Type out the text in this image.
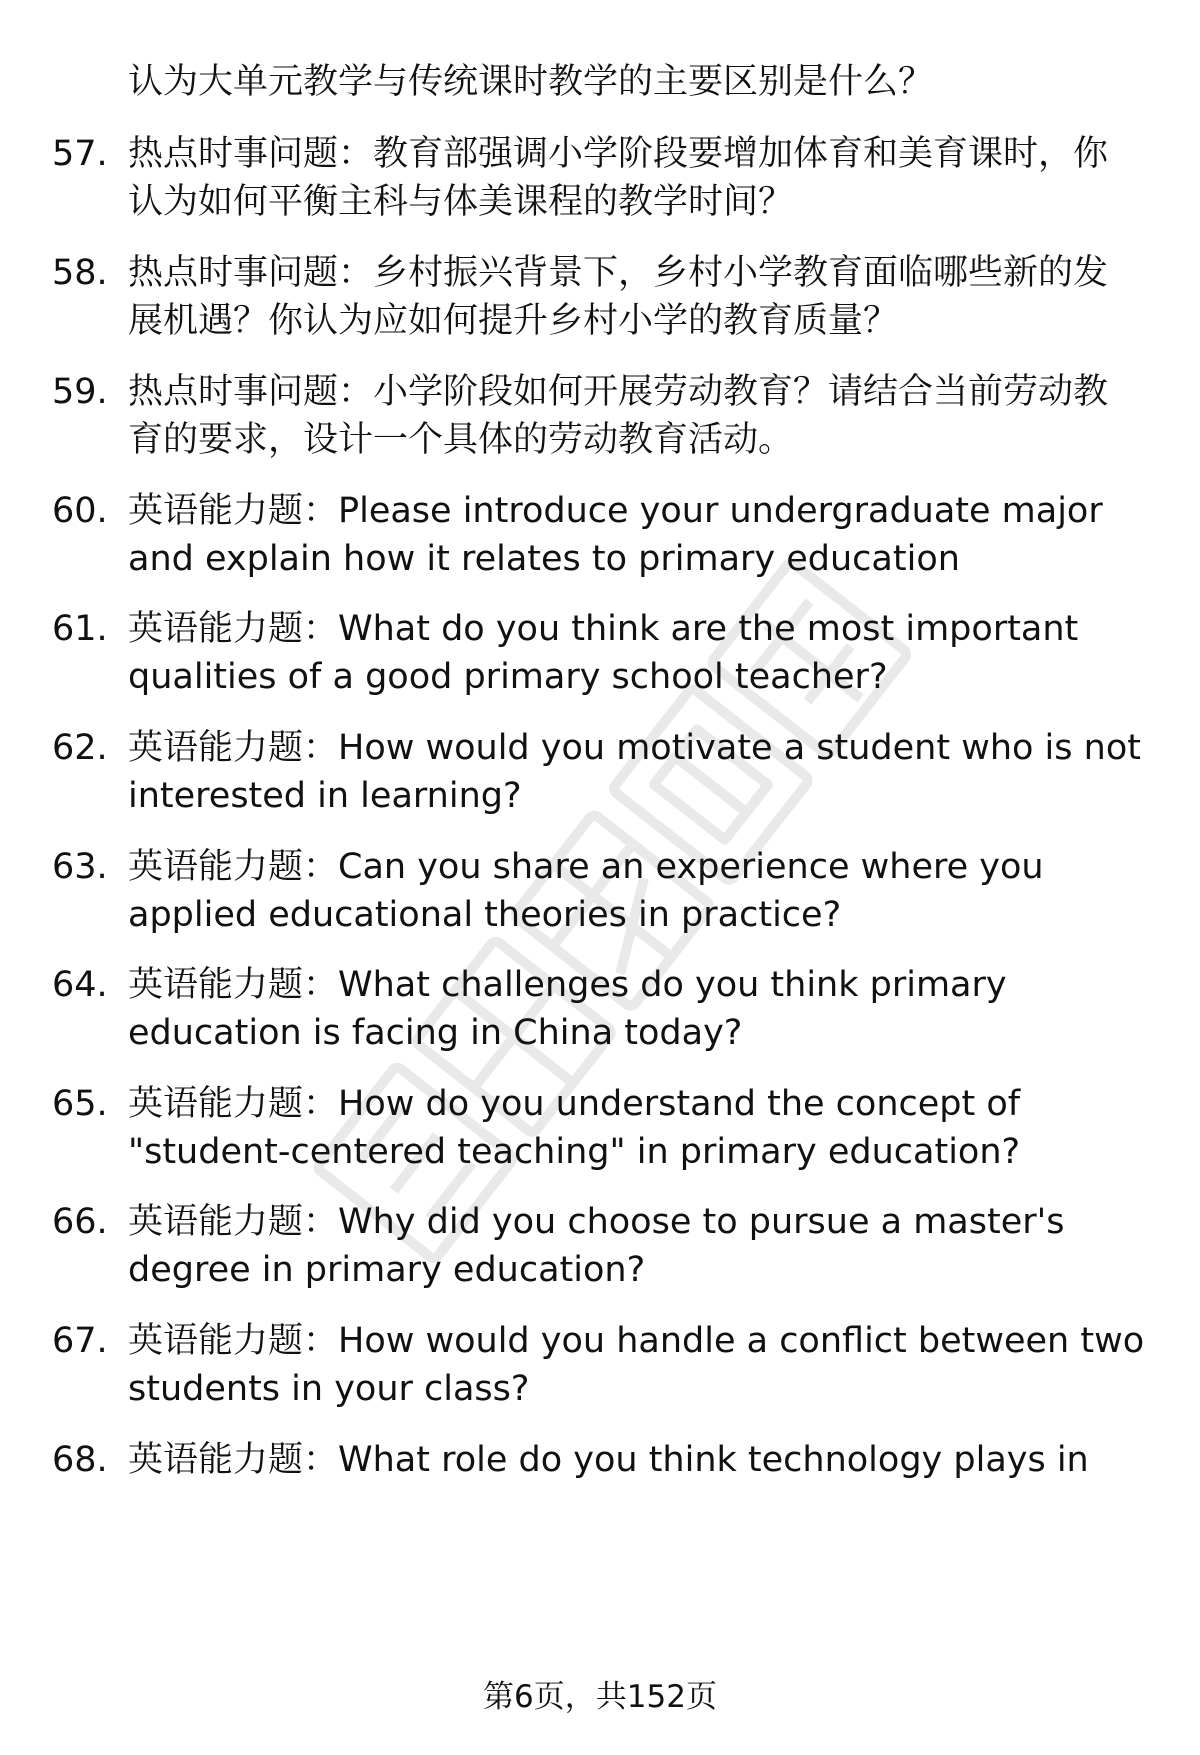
认为大单元教学与传统课时教学的主要区别是什么？
57. 热点时事问题：教育部强调小学阶段要增加体育和美育课时，你
认为如何平衡主科与体美课程的教学时间？
58. 热点时事问题：乡村振兴背景下，乡村小学教育面临哪些新的发
展机遇？你认为应如何提升乡村小学的教育质量？
59. 热点时事问题：小学阶段如何开展劳动教育？请结合当前劳动教
育的要求，设计一个具体的劳动教育活动。
60. 英语能力题：Please introduce your undergraduate major
and explain how it relates to primary education
61. 英语能力题：What do you think are the most important
qualities of a good primary school teacher?
62. 英语能力题：How would you motivate a student who is not
interested in learning?
63. 英语能力题：Can you share an experience where you
applied educational theories in practice?
64. 英语能力题：What challenges do you think primary
education is facing in China today?
65. 英语能力题：How do you understand the concept of
"student-centered teaching" in primary education?
66. 英语能力题：Why did you choose to pursue a master's
degree in primary education?
67. 英语能力题：How would you handle a conflict between two
students in your class?
68. 英语能力题：What role do you think technology plays in
第6页，共152页
